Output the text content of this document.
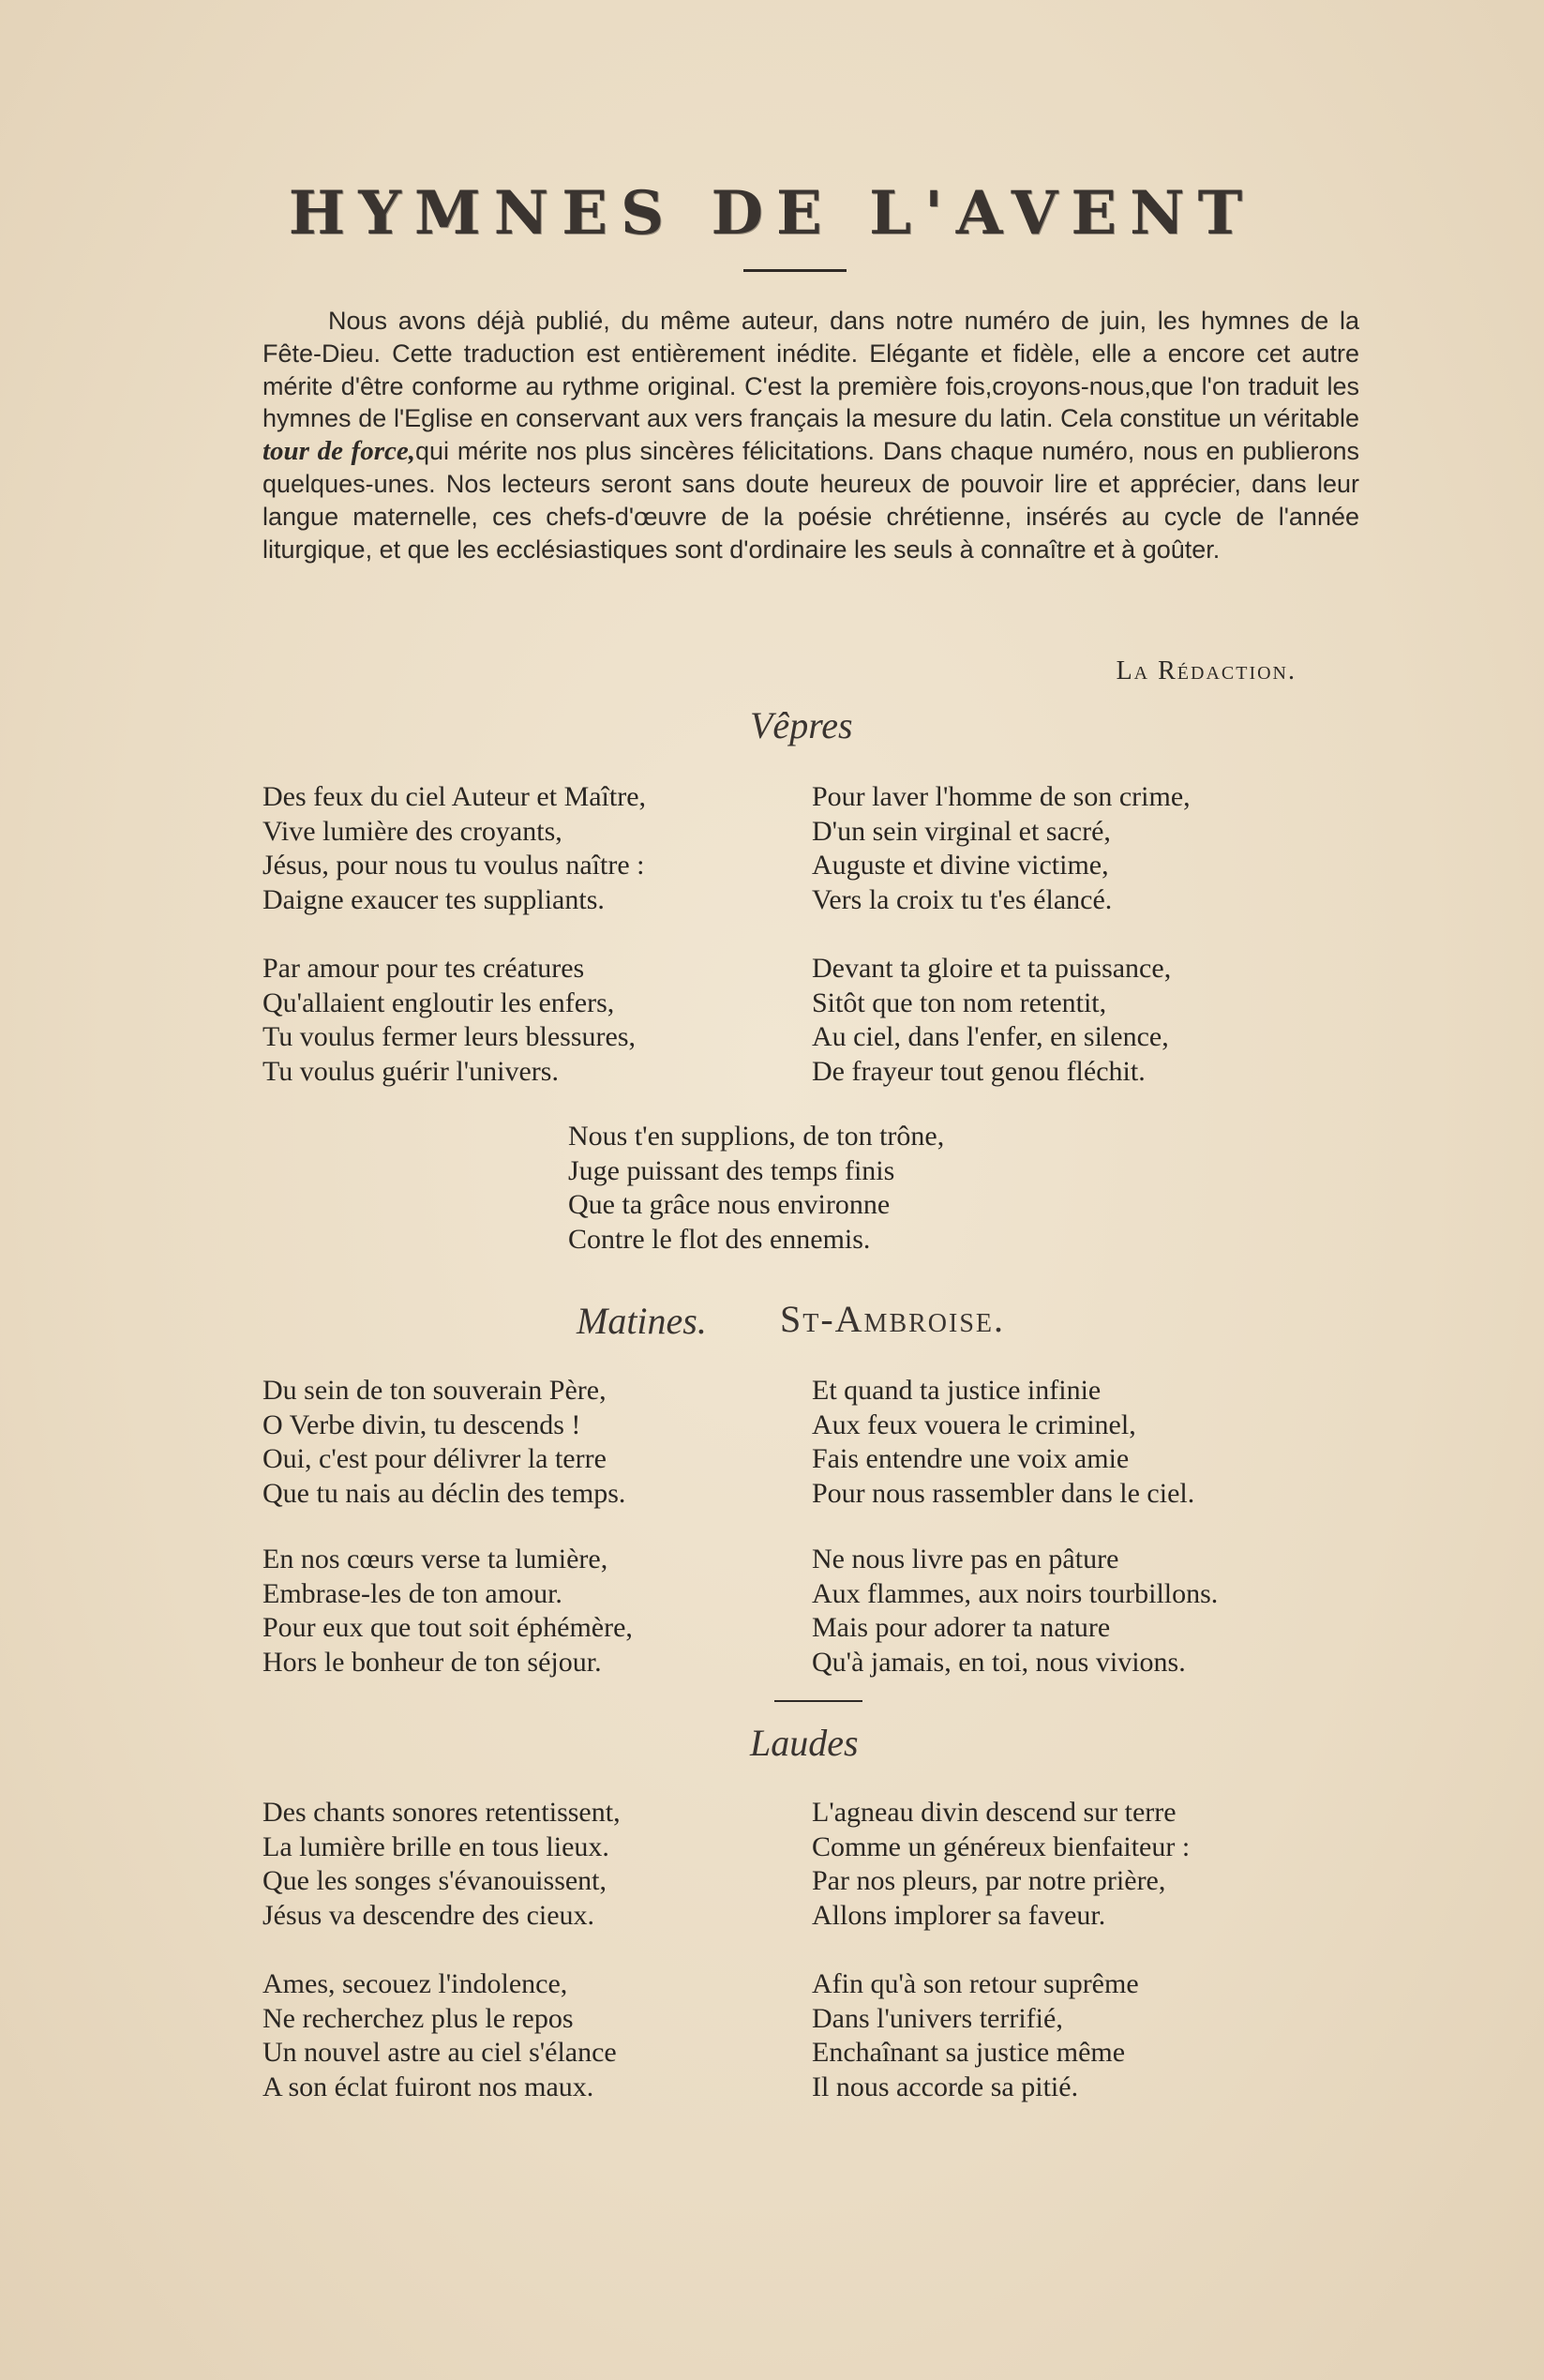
HYMNES DE L'AVENT

Nous avons déjà publié, du même auteur, dans notre numéro de juin, les hymnes de la Fête-Dieu. Cette traduction est entièrement inédite. Elégante et fidèle, elle a encore cet autre mérite d'être conforme au rythme original. C'est la première fois,croyons-nous,que l'on traduit les hymnes de l'Eglise en conservant aux vers français la mesure du latin. Cela constitue un véritable tour de force,qui mérite nos plus sincères félicitations. Dans chaque numéro, nous en publierons quelques-unes. Nos lecteurs seront sans doute heureux de pouvoir lire et apprécier, dans leur langue maternelle, ces chefs-d'œuvre de la poésie chrétienne, insérés au cycle de l'année liturgique, et que les ecclésiastiques sont d'ordinaire les seuls à connaître et à goûter.

La Rédaction.
Vêpres
Des feux du ciel Auteur et Maître,
Vive lumière des croyants,
Jésus, pour nous tu voulus naître :
Daigne exaucer tes suppliants.
Pour laver l'homme de son crime,
D'un sein virginal et sacré,
Auguste et divine victime,
Vers la croix tu t'es élancé.
Par amour pour tes créatures
Qu'allaient engloutir les enfers,
Tu voulus fermer leurs blessures,
Tu voulus guérir l'univers.
Devant ta gloire et ta puissance,
Sitôt que ton nom retentit,
Au ciel, dans l'enfer, en silence,
De frayeur tout genou fléchit.
Nous t'en supplions, de ton trône,
Juge puissant des temps finis
Que ta grâce nous environne
Contre le flot des ennemis.
Matines. St-Ambroise.
Du sein de ton souverain Père,
O Verbe divin, tu descends !
Oui, c'est pour délivrer la terre
Que tu nais au déclin des temps.
Et quand ta justice infinie
Aux feux vouera le criminel,
Fais entendre une voix amie
Pour nous rassembler dans le ciel.
En nos cœurs verse ta lumière,
Embrase-les de ton amour.
Pour eux que tout soit éphémère,
Hors le bonheur de ton séjour.
Ne nous livre pas en pâture
Aux flammes, aux noirs tourbillons.
Mais pour adorer ta nature
Qu'à jamais, en toi, nous vivions.
Laudes
Des chants sonores retentissent,
La lumière brille en tous lieux.
Que les songes s'évanouissent,
Jésus va descendre des cieux.
L'agneau divin descend sur terre
Comme un généreux bienfaiteur :
Par nos pleurs, par notre prière,
Allons implorer sa faveur.
Ames, secouez l'indolence,
Ne recherchez plus le repos
Un nouvel astre au ciel s'élance
A son éclat fuiront nos maux.
Afin qu'à son retour suprême
Dans l'univers terrifié,
Enchaînant sa justice même
Il nous accorde sa pitié.
